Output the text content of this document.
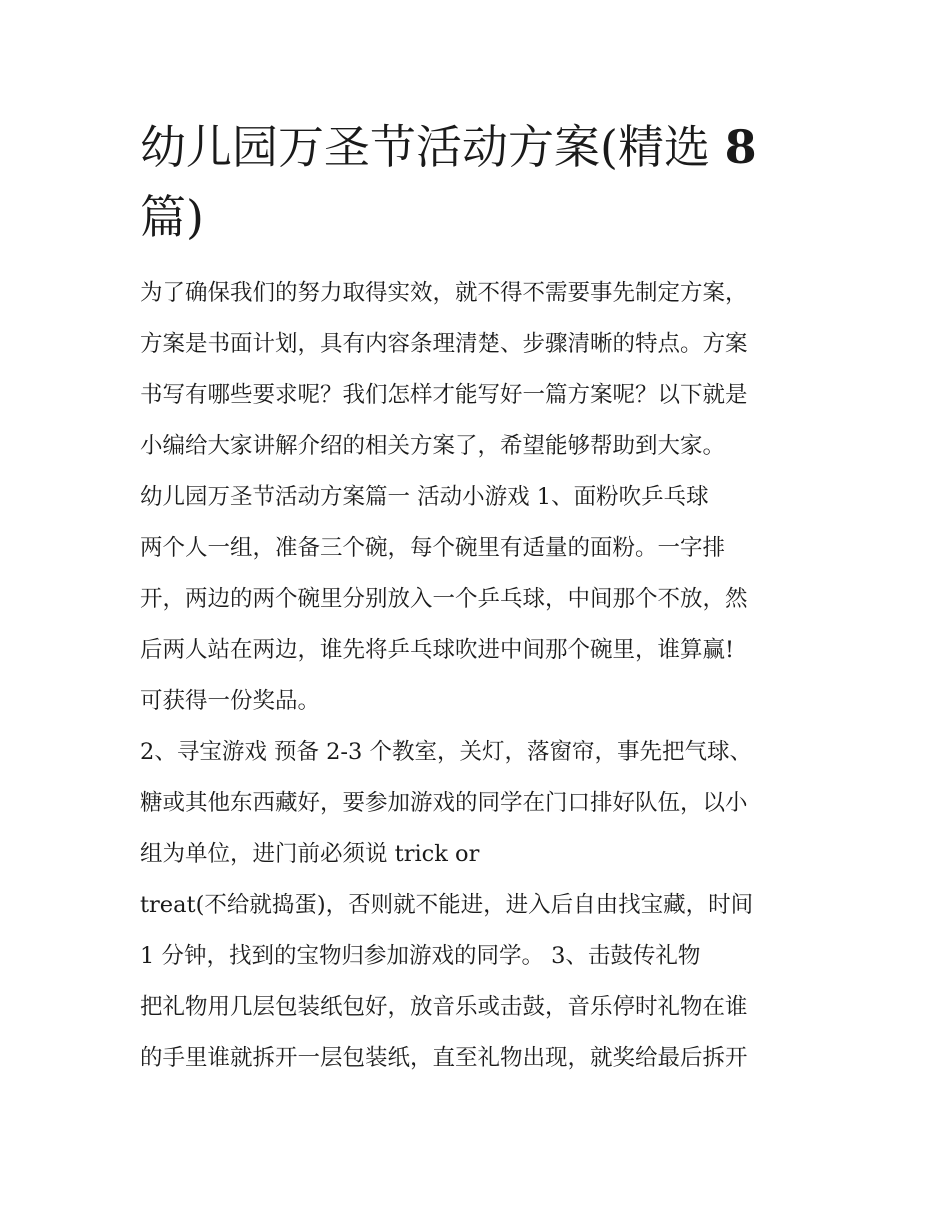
幼儿园万圣节活动方案(精选 8
篇)
为了确保我们的努力取得实效，就不得不需要事先制定方案，
方案是书面计划，具有内容条理清楚、步骤清晰的特点。方案
书写有哪些要求呢？我们怎样才能写好一篇方案呢？以下就是
小编给大家讲解介绍的相关方案了，希望能够帮助到大家。
幼儿园万圣节活动方案篇一 活动小游戏 1、面粉吹乒乓球
两个人一组，准备三个碗，每个碗里有适量的面粉。一字排
开，两边的两个碗里分别放入一个乒乓球，中间那个不放，然
后两人站在两边，谁先将乒乓球吹进中间那个碗里，谁算赢!
可获得一份奖品。
2、寻宝游戏 预备 2-3 个教室，关灯，落窗帘，事先把气球、
糖或其他东西藏好，要参加游戏的同学在门口排好队伍，以小
组为单位，进门前必须说 trick or
treat(不给就捣蛋)，否则就不能进，进入后自由找宝藏，时间
1 分钟，找到的宝物归参加游戏的同学。 3、击鼓传礼物
把礼物用几层包装纸包好，放音乐或击鼓，音乐停时礼物在谁
的手里谁就拆开一层包装纸，直至礼物出现，就奖给最后拆开
